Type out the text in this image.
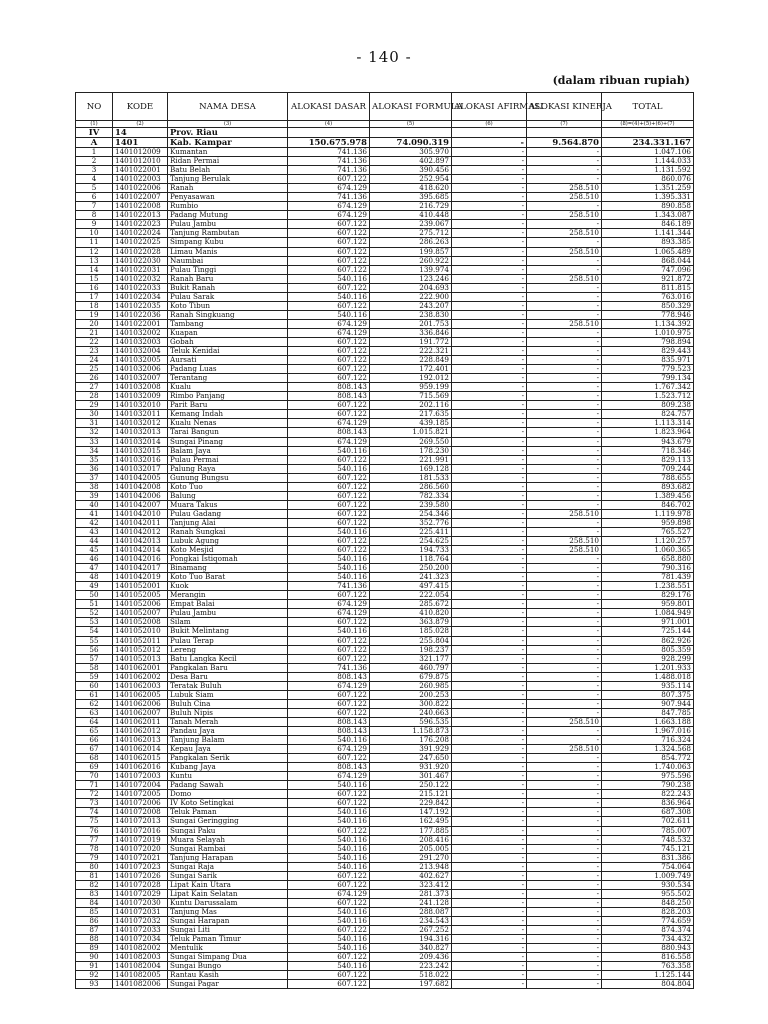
- 140 -
(dalam ribuan rupiah)
NO	KODE	NAMA DESA	ALOKASI DASAR	ALOKASI FORMULA	ALOKASI AFIRMASI	ALOKASI KINERJA	TOTAL
(1)	(2)	(3)	(4)	(5)	(6)	(7)	(8)=(4)+(5)+(6)+(7)
IV	14	Prov. Riau					
A	1401	Kab. Kampar	150.675.978	74.090.319	-	9.564.870	234.331.167
1	1401012009	Kumantan	741.136	305.970	-	-	1.047.106
2	1401012010	Ridan Permai	741.136	402.897	-	-	1.144.033
3	1401022001	Batu Belah	741.136	390.456	-	-	1.131.592
4	1401022003	Tanjung Berulak	607.122	252.954	-	-	860.076
5	1401022006	Ranah	674.129	418.620	-	258.510	1.351.259
6	1401022007	Penyasawan	741.136	395.685	-	258.510	1.395.331
7	1401022008	Rumbio	674.129	216.729	-	-	890.858
8	1401022013	Padang Mutung	674.129	410.448	-	258.510	1.343.087
9	1401022023	Pulau Jambu	607.122	239.067	-	-	846.189
10	1401022024	Tanjung Rambutan	607.122	275.712	-	258.510	1.141.344
11	1401022025	Simpang Kubu	607.122	286.263	-	-	893.385
12	1401022028	Limau Manis	607.122	199.857	-	258.510	1.065.489
13	1401022030	Naumbai	607.122	260.922	-	-	868.044
14	1401022031	Pulau Tinggi	607.122	139.974	-	-	747.096
15	1401022032	Ranah Baru	540.116	123.246	-	258.510	921.872
16	1401022033	Bukit Ranah	607.122	204.693	-	-	811.815
17	1401022034	Pulau Sarak	540.116	222.900	-	-	763.016
18	1401022035	Koto Tibun	607.122	243.207	-	-	850.329
19	1401022036	Ranah Singkuang	540.116	238.830	-	-	778.946
20	1401022001	Tambang	674.129	201.753	-	258.510	1.134.392
21	1401032002	Kuapan	674.129	336.846	-	-	1.010.975
22	1401032003	Gobah	607.122	191.772	-	-	798.894
23	1401032004	Teluk Kenidai	607.122	222.321	-	-	829.443
24	1401032005	Aursati	607.122	228.849	-	-	835.971
25	1401032006	Padang Luas	607.122	172.401	-	-	779.523
26	1401032007	Terantang	607.122	192.012	-	-	799.134
27	1401032008	Kualu	808.143	959.199	-	-	1.767.342
28	1401032009	Rimbo Panjang	808.143	715.569	-	-	1.523.712
29	1401032010	Parit Baru	607.122	202.116	-	-	809.238
30	1401032011	Kemang Indah	607.122	217.635	-	-	824.757
31	1401032012	Kualu Nenas	674.129	439.185	-	-	1.113.314
32	1401032013	Tarai Bangun	808.143	1.015.821	-	-	1.823.964
33	1401032014	Sungai Pinang	674.129	269.550	-	-	943.679
34	1401032015	Balam Jaya	540.116	178.230	-	-	718.346
35	1401032016	Pulau Permai	607.122	221.991	-	-	829.113
36	1401032017	Palung Raya	540.116	169.128	-	-	709.244
37	1401042005	Gunung Bungsu	607.122	181.533	-	-	788.655
38	1401042008	Koto Tuo	607.122	286.560	-	-	893.682
39	1401042006	Balung	607.122	782.334	-	-	1.389.456
40	1401042007	Muara Takus	607.122	239.580	-	-	846.702
41	1401042010	Pulau Gadang	607.122	254.346	-	258.510	1.119.978
42	1401042011	Tanjung Alai	607.122	352.776	-	-	959.898
43	1401042012	Ranah Sungkai	540.116	225.411	-	-	765.527
44	1401042013	Lubuk Agung	607.122	254.625	-	258.510	1.120.257
45	1401042014	Koto Mesjid	607.122	194.733	-	258.510	1.060.365
46	1401042016	Pongkai Istiqomah	540.116	118.764	-	-	658.880
47	1401042017	Binamang	540.116	250.200	-	-	790.316
48	1401042019	Koto Tuo Barat	540.116	241.323	-	-	781.439
49	1401052001	Kuok	741.136	497.415	-	-	1.238.551
50	1401052005	Merangin	607.122	222.054	-	-	829.176
51	1401052006	Empat Balai	674.129	285.672	-	-	959.801
52	1401052007	Pulau Jambu	674.129	410.820	-	-	1.084.949
53	1401052008	Silam	607.122	363.879	-	-	971.001
54	1401052010	Bukit Melintang	540.116	185.028	-	-	725.144
55	1401052011	Pulau Terap	607.122	255.804	-	-	862.926
56	1401052012	Lereng	607.122	198.237	-	-	805.359
57	1401052013	Batu Langka Kecil	607.122	321.177	-	-	928.299
58	1401062001	Pangkalan Baru	741.136	460.797	-	-	1.201.933
59	1401062002	Desa Baru	808.143	679.875	-	-	1.488.018
60	1401062003	Teratak Buluh	674.129	260.985	-	-	935.114
61	1401062005	Lubuk Siam	607.122	200.253	-	-	807.375
62	1401062006	Buluh Cina	607.122	300.822	-	-	907.944
63	1401062007	Buluh Nipis	607.122	240.663	-	-	847.785
64	1401062011	Tanah Merah	808.143	596.535	-	258.510	1.663.188
65	1401062012	Pandau Jaya	808.143	1.158.873	-	-	1.967.016
66	1401062013	Tanjung Balam	540.116	176.208	-	-	716.324
67	1401062014	Kepau Jaya	674.129	391.929	-	258.510	1.324.568
68	1401062015	Pangkalan Serik	607.122	247.650	-	-	854.772
69	1401062016	Kubang Jaya	808.143	931.920	-	-	1.740.063
70	1401072003	Kuntu	674.129	301.467	-	-	975.596
71	1401072004	Padang Sawah	540.116	250.122	-	-	790.238
72	1401072005	Domo	607.122	215.121	-	-	822.243
73	1401072006	IV Koto Setingkai	607.122	229.842	-	-	836.964
74	1401072008	Teluk Paman	540.116	147.192	-	-	687.308
75	1401072013	Sungai Geringging	540.116	162.495	-	-	702.611
76	1401072016	Sungai Paku	607.122	177.885	-	-	785.007
77	1401072019	Muara Selayah	540.116	208.416	-	-	748.532
78	1401072020	Sungai Rambai	540.116	205.005	-	-	745.121
79	1401072021	Tanjung Harapan	540.116	291.270	-	-	831.386
80	1401072023	Sungai Raja	540.116	213.948	-	-	754.064
81	1401072026	Sungai Sarik	607.122	402.627	-	-	1.009.749
82	1401072028	Lipat Kain Utara	607.122	323.412	-	-	930.534
83	1401072029	Lipat Kain Selatan	674.129	281.373	-	-	955.502
84	1401072030	Kuntu Darussalam	607.122	241.128	-	-	848.250
85	1401072031	Tanjung Mas	540.116	288.087	-	-	828.203
86	1401072032	Sungai Harapan	540.116	234.543	-	-	774.659
87	1401072033	Sungai Liti	607.122	267.252	-	-	874.374
88	1401072034	Teluk Paman Timur	540.116	194.316	-	-	734.432
89	1401082002	Mentulik	540.116	340.827	-	-	880.943
90	1401082003	Sungai Simpang Dua	607.122	209.436	-	-	816.558
91	1401082004	Sungai Bungo	540.116	223.242	-	-	763.358
92	1401082005	Rantau Kasih	607.122	518.022	-	-	1.125.144
93	1401082006	Sungai Pagar	607.122	197.682	-	-	804.804
